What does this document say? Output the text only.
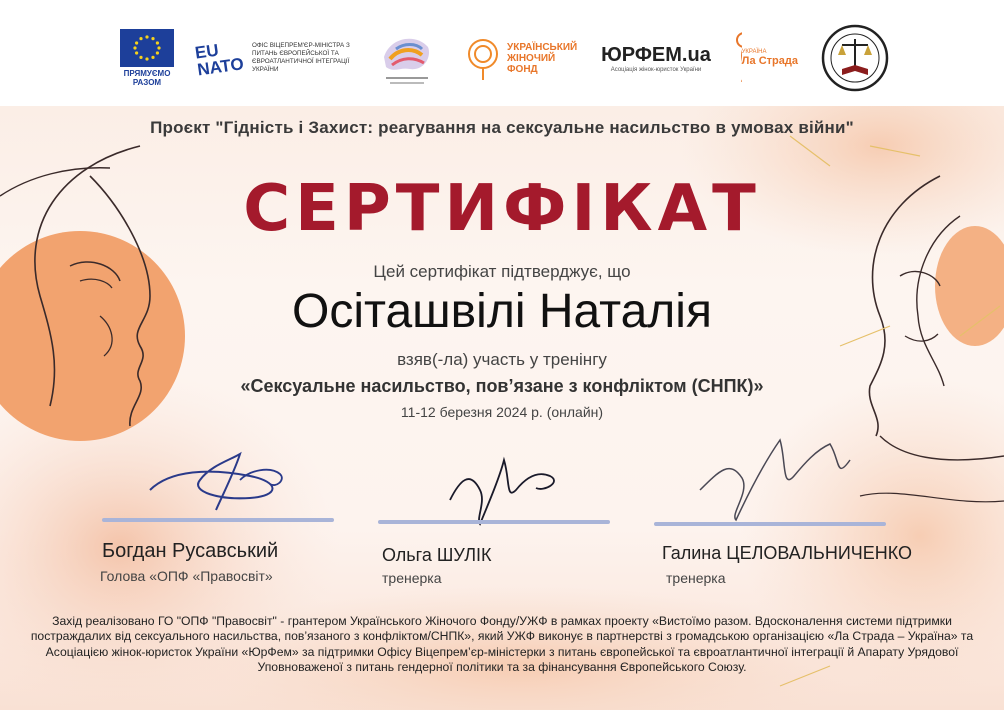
ПРЯМУЄМО РАЗОМ
EU NATO
ОФІС ВІЦЕПРЕМ'ЄР-МІНІСТРА З ПИТАНЬ ЄВРОПЕЙСЬКОЇ ТА ЄВРОАТЛАНТИЧНОЇ ІНТЕГРАЦІЇ УКРАЇНИ
УКРАЇНСЬКИЙ ЖІНОЧИЙ ФОНД
ЮРФЕМ.ua
Асоціація жінок-юристок України
УКРАЇНА
Ла Страда
Проєкт "Гідність і Захист: реагування на сексуальне насильство в умовах війни"
СЕРТИФІКАТ
Цей сертифікат підтверджує, що
Осіташвілі Наталія
взяв(-ла) участь у тренінгу
«Сексуальне насильство, пов’язане з конфліктом (СНПК)»
11-12 березня 2024 р. (онлайн)
Богдан Русавський
Голова «ОПФ «Правосвіт»
Ольга ШУЛІК
тренерка
Галина ЦЕЛОВАЛЬНИЧЕНКО
тренерка
Захід реалізовано ГО "ОПФ "Правосвіт" - грантером Українського Жіночого Фонду/УЖФ в рамках проекту «Вистоїмо разом. Вдосконалення системи підтримки постраждалих від сексуального насильства, пов’язаного з конфліктом/СНПК», який УЖФ виконує в партнерстві з громадською організацією «Ла Страда – Україна» та Асоціацією жінок-юристок України «ЮрФем» за підтримки Офісу Віцепрем’єр-міністерки з питань європейської та євроатлантичної інтеграції й Апарату Урядової Уповноваженої з питань гендерної політики та за фінансування Європейського Союзу.
